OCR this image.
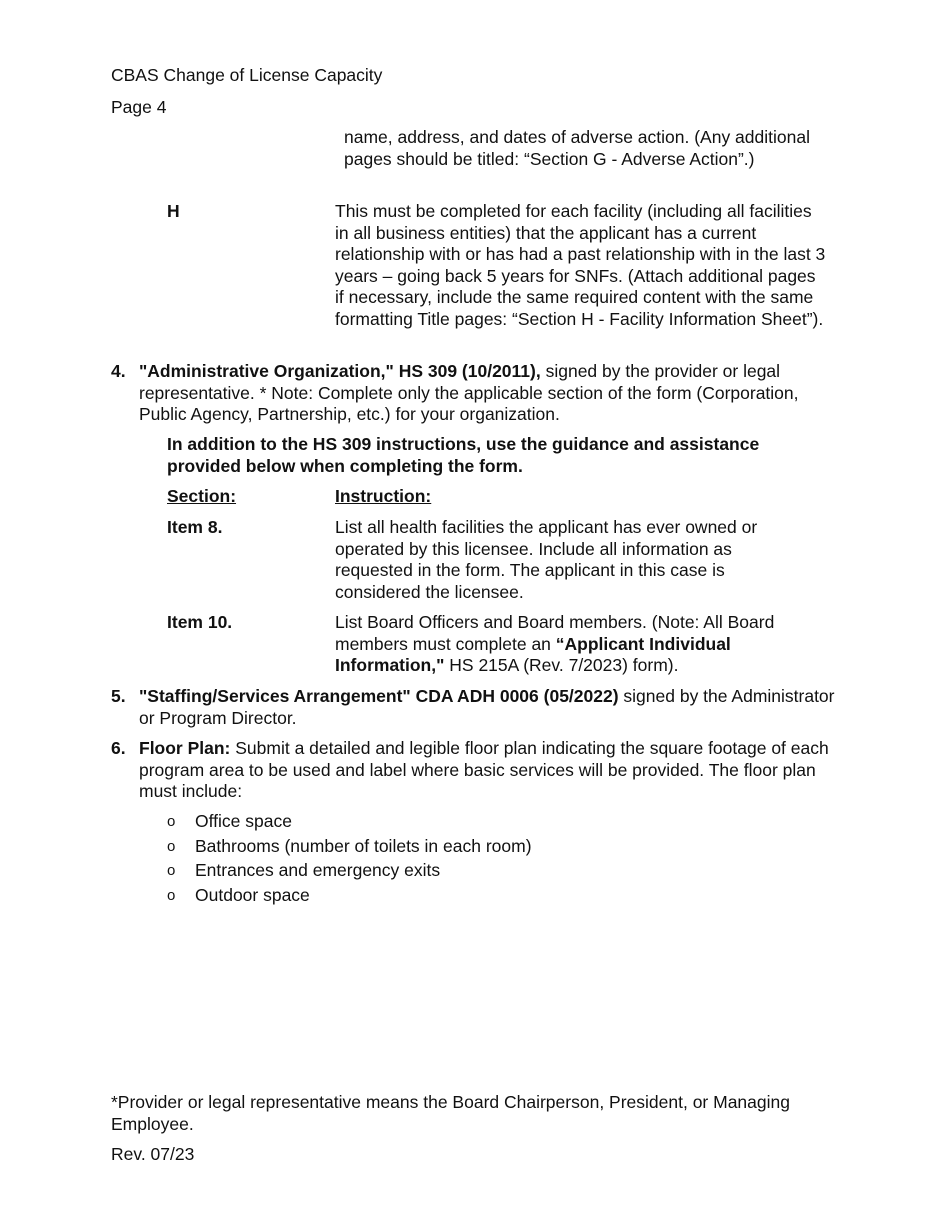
CBAS Change of License Capacity
Page 4

name, address, and dates of adverse action. (Any additional pages should be titled: “Section G - Adverse Action”.)

H	This must be completed for each facility (including all facilities in all business entities) that the applicant has a current relationship with or has had a past relationship with in the last 3 years – going back 5 years for SNFs. (Attach additional pages if necessary, include the same required content with the same formatting Title pages: “Section H - Facility Information Sheet”).

4. "Administrative Organization," HS 309 (10/2011), signed by the provider or legal representative. * Note: Complete only the applicable section of the form (Corporation, Public Agency, Partnership, etc.) for your organization.

In addition to the HS 309 instructions, use the guidance and assistance provided below when completing the form.

Section:	Instruction:
Item 8.	List all health facilities the applicant has ever owned or operated by this licensee. Include all information as requested in the form. The applicant in this case is considered the licensee.

Item 10.	List Board Officers and Board members. (Note: All Board members must complete an “Applicant Individual Information," HS 215A (Rev. 7/2023) form).

5. "Staffing/Services Arrangement" CDA ADH 0006 (05/2022) signed by the Administrator or Program Director.

6. Floor Plan: Submit a detailed and legible floor plan indicating the square footage of each program area to be used and label where basic services will be provided. The floor plan must include:

o	Office space
o	Bathrooms (number of toilets in each room)
o	Entrances and emergency exits
o	Outdoor space

*Provider or legal representative means the Board Chairperson, President, or Managing Employee.

Rev. 07/23
